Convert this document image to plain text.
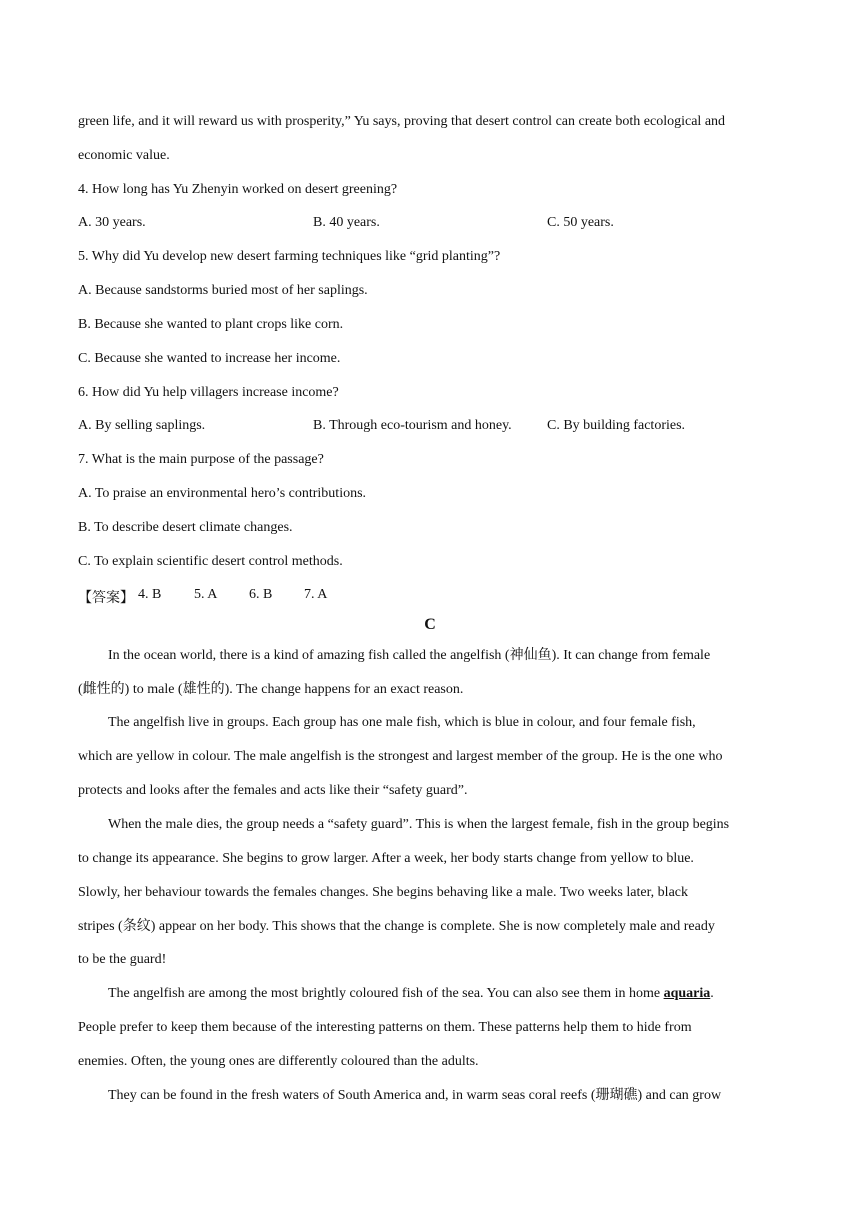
green life, and it will reward us with prosperity,” Yu says, proving that desert control can create both ecological and
economic value.
4. How long has Yu Zhenyin worked on desert greening?
A. 30 years.	B. 40 years.	C. 50 years.
5. Why did Yu develop new desert farming techniques like “grid planting”?
A. Because sandstorms buried most of her saplings.
B. Because she wanted to plant crops like corn.
C. Because she wanted to increase her income.
6. How did Yu help villagers increase income?
A. By selling saplings.	B. Through eco-tourism and honey.	C. By building factories.
7. What is the main purpose of the passage?
A. To praise an environmental hero’s contributions.
B. To describe desert climate changes.
C. To explain scientific desert control methods.
【答案】 4. B 5. A 6. B 7. A
C
In the ocean world, there is a kind of amazing fish called the angelfish (神仙鱼). It can change from female
(雌性的) to male (雄性的). The change happens for an exact reason.
The angelfish live in groups. Each group has one male fish, which is blue in colour, and four female fish,
which are yellow in colour. The male angelfish is the strongest and largest member of the group. He is the one who
protects and looks after the females and acts like their “safety guard”.
When the male dies, the group needs a “safety guard”. This is when the largest female, fish in the group begins
to change its appearance. She begins to grow larger. After a week, her body starts change from yellow to blue.
Slowly, her behaviour towards the females changes. She begins behaving like a male. Two weeks later, black
stripes (条纹) appear on her body. This shows that the change is complete. She is now completely male and ready
to be the guard!
The angelfish are among the most brightly coloured fish of the sea. You can also see them in home aquaria.
People prefer to keep them because of the interesting patterns on them. These patterns help them to hide from
enemies. Often, the young ones are differently coloured than the adults.
They can be found in the fresh waters of South America and, in warm seas coral reefs (珊瑚礁) and can grow
